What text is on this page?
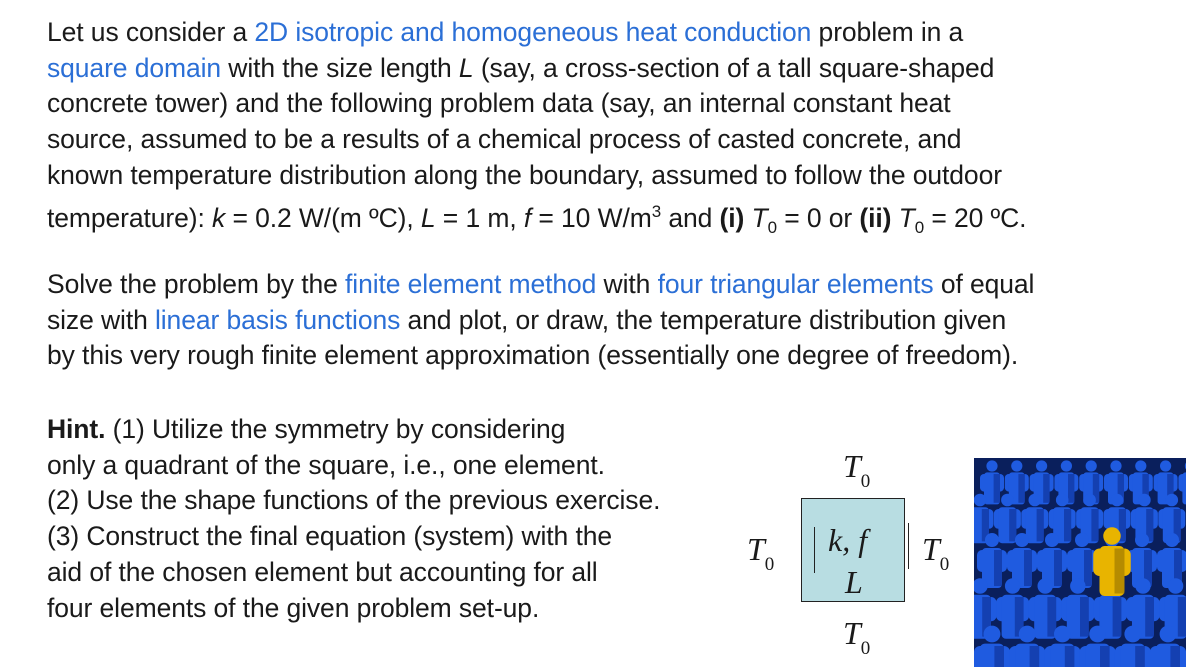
Let us consider a 2D isotropic and homogeneous heat conduction problem in a
square domain with the size length L (say, a cross-section of a tall square-shaped
concrete tower) and the following problem data (say, an internal constant heat
source, assumed to be a results of a chemical process of casted concrete, and
known temperature distribution along the boundary, assumed to follow the outdoor
temperature): k = 0.2 W/(m ºC), L = 1 m, f = 10 $W/m^3$ and (i) $T_0 = 0$ or (ii) $T_0 = 20$ ºC.
Solve the problem by the finite element method with four triangular elements of equal
size with linear basis functions and plot, or draw, the temperature distribution given
by this very rough finite element approximation (essentially one degree of freedom).
Hint. (1) Utilize the symmetry by considering
only a quadrant of the square, i.e., one element.
(2) Use the shape functions of the previous exercise.
(3) Construct the final equation (system) with the
aid of the chosen element but accounting for all
four elements of the given problem set-up.
$T_0$
$T_0$	$T_0$
$T_0$
k, f
L
